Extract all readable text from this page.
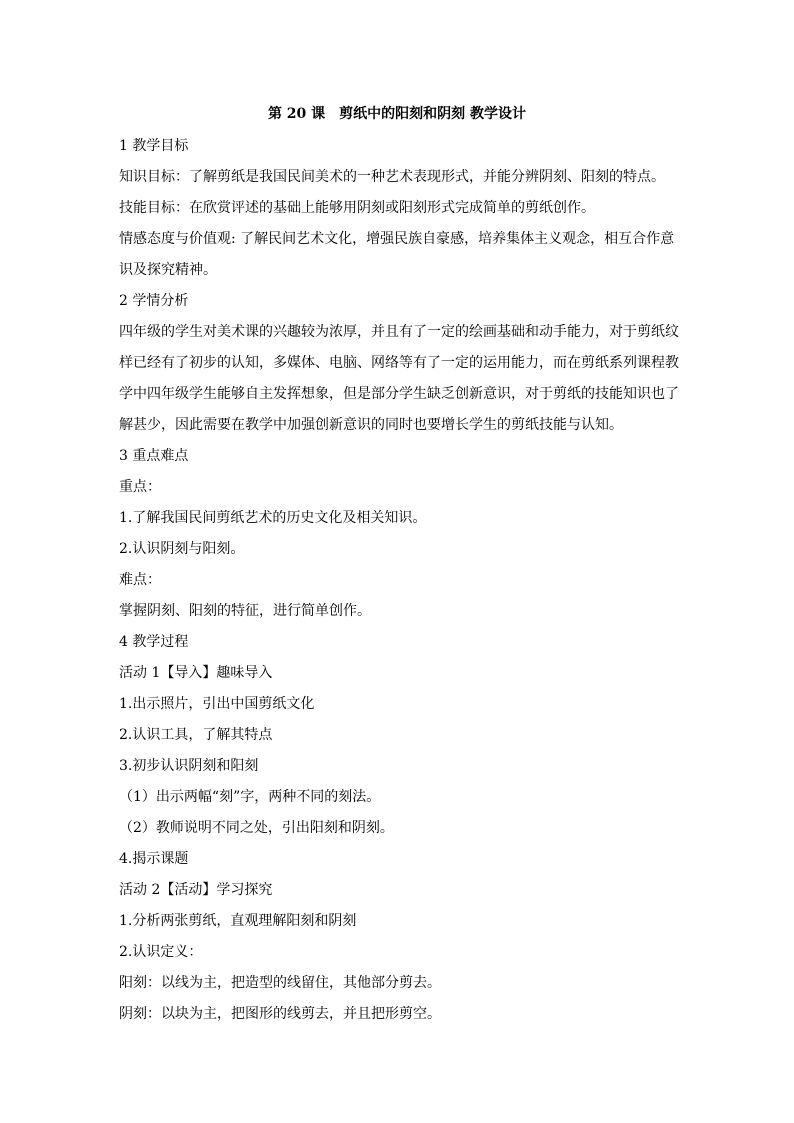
第 20 课　剪纸中的阳刻和阴刻 教学设计
1 教学目标
知识目标：了解剪纸是我国民间美术的一种艺术表现形式，并能分辨阴刻、阳刻的特点。
技能目标：在欣赏评述的基础上能够用阴刻或阳刻形式完成简单的剪纸创作。
情感态度与价值观: 了解民间艺术文化，增强民族自豪感，培养集体主义观念，相互合作意
识及探究精神。
2 学情分析
四年级的学生对美术课的兴趣较为浓厚，并且有了一定的绘画基础和动手能力，对于剪纸纹
样已经有了初步的认知，多媒体、电脑、网络等有了一定的运用能力，而在剪纸系列课程教
学中四年级学生能够自主发挥想象，但是部分学生缺乏创新意识，对于剪纸的技能知识也了
解甚少，因此需要在教学中加强创新意识的同时也要增长学生的剪纸技能与认知。
3 重点难点
重点：
1.了解我国民间剪纸艺术的历史文化及相关知识。
2.认识阴刻与阳刻。
难点：
掌握阴刻、阳刻的特征，进行简单创作。
4 教学过程
活动 1【导入】趣味导入
1.出示照片，引出中国剪纸文化
2.认识工具，了解其特点
3.初步认识阴刻和阳刻
（1）出示两幅“刻”字，两种不同的刻法。
（2）教师说明不同之处，引出阳刻和阴刻。
4.揭示课题
活动 2【活动】学习探究
1.分析两张剪纸，直观理解阳刻和阴刻
2.认识定义：
阳刻：以线为主，把造型的线留住，其他部分剪去。
阴刻：以块为主，把图形的线剪去，并且把形剪空。
